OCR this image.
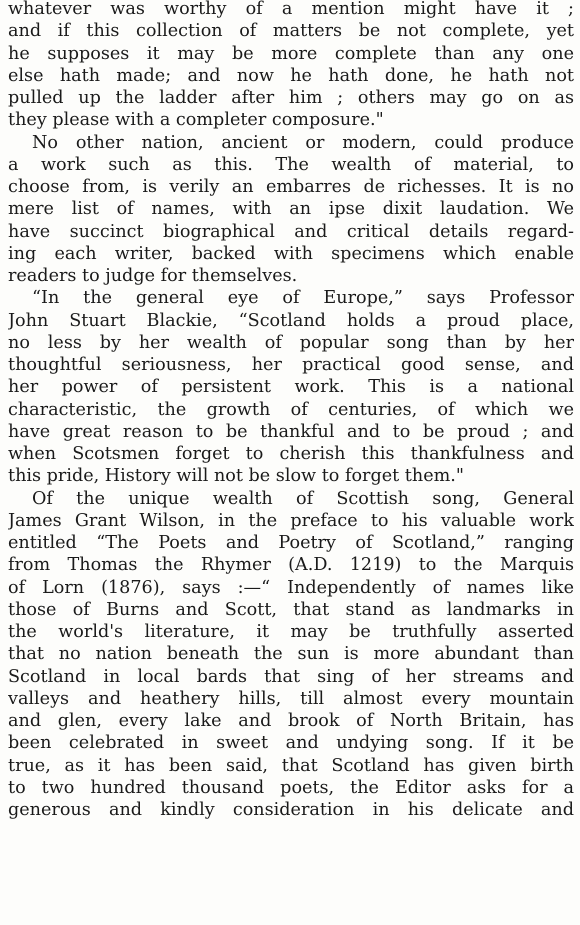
whatever was worthy of a mention might have it ;
and if this collection of matters be not complete, yet
he supposes it may be more complete than any one
else hath made; and now he hath done, he hath not
pulled up the ladder after him ; others may go on as
they please with a completer composure."
No other nation, ancient or modern, could produce
a work such as this. The wealth of material, to
choose from, is verily an embarres de richesses. It is no
mere list of names, with an ipse dixit laudation. We
have succinct biographical and critical details regard-
ing each writer, backed with specimens which enable
readers to judge for themselves.
“In the general eye of Europe,” says Professor
John Stuart Blackie, “Scotland holds a proud place,
no less by her wealth of popular song than by her
thoughtful seriousness, her practical good sense, and
her power of persistent work. This is a national
characteristic, the growth of centuries, of which we
have great reason to be thankful and to be proud ; and
when Scotsmen forget to cherish this thankfulness and
this pride, History will not be slow to forget them."
Of the unique wealth of Scottish song, General
James Grant Wilson, in the preface to his valuable work
entitled “The Poets and Poetry of Scotland,” ranging
from Thomas the Rhymer (A.D. 1219) to the Marquis
of Lorn (1876), says :—“ Independently of names like
those of Burns and Scott, that stand as landmarks in
the world's literature, it may be truthfully asserted
that no nation beneath the sun is more abundant than
Scotland in local bards that sing of her streams and
valleys and heathery hills, till almost every mountain
and glen, every lake and brook of North Britain, has
been celebrated in sweet and undying song. If it be
true, as it has been said, that Scotland has given birth
to two hundred thousand poets, the Editor asks for a
generous and kindly consideration in his delicate and
